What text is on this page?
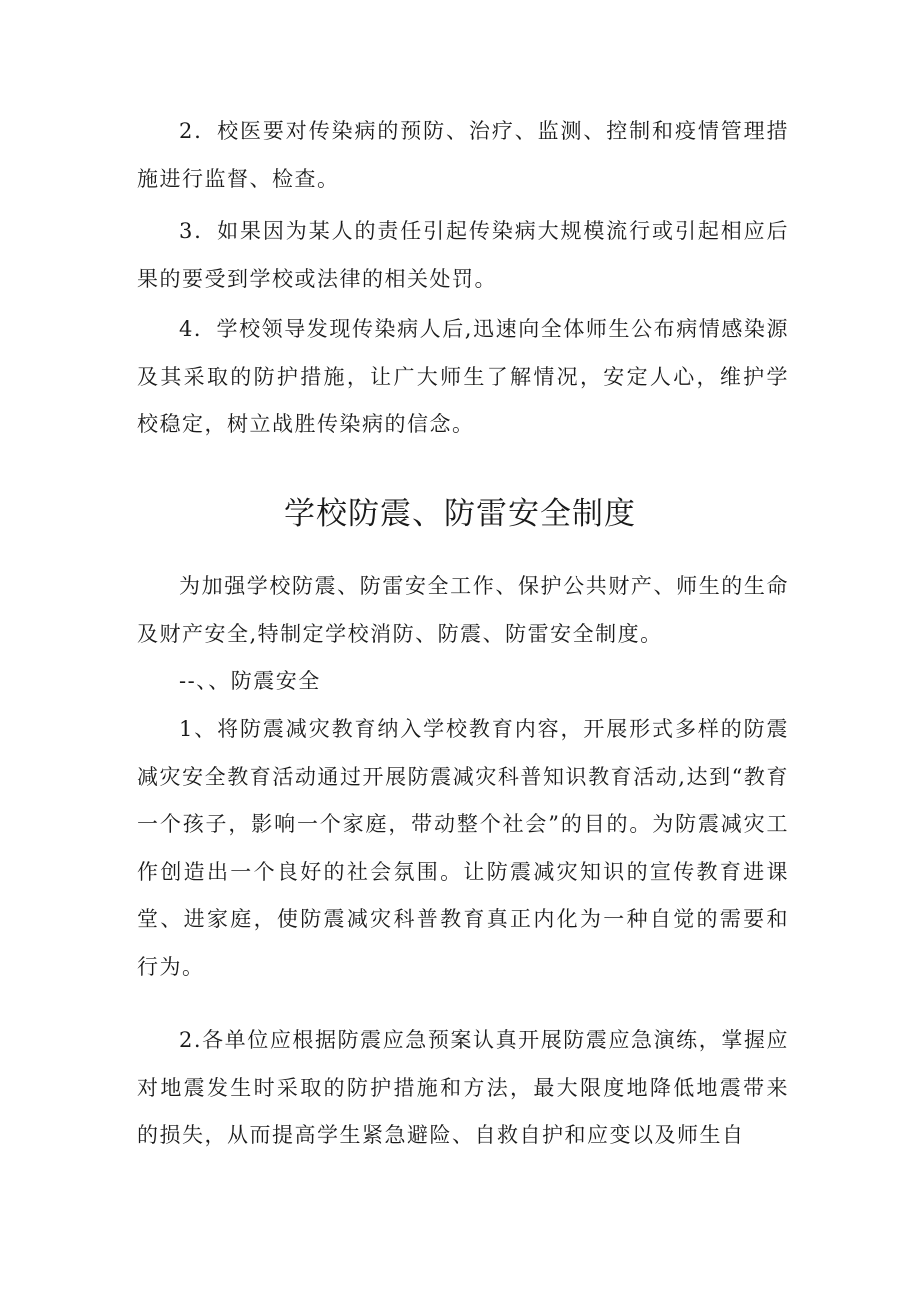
2．校医要对传染病的预防、治疗、监测、控制和疫情管理措施进行监督、检查。

3．如果因为某人的责任引起传染病大规模流行或引起相应后果的要受到学校或法律的相关处罚。

4．学校领导发现传染病人后,迅速向全体师生公布病情感染源及其采取的防护措施，让广大师生了解情况，安定人心，维护学校稳定，树立战胜传染病的信念。

学校防震、防雷安全制度

为加强学校防震、防雷安全工作、保护公共财产、师生的生命及财产安全,特制定学校消防、防震、防雷安全制度。

--、、防震安全

1、将防震减灾教育纳入学校教育内容，开展形式多样的防震减灾安全教育活动通过开展防震减灾科普知识教育活动,达到“教育一个孩子，影响一个家庭，带动整个社会”的目的。为防震减灾工作创造出一个良好的社会氛围。让防震减灾知识的宣传教育进课堂、进家庭，使防震减灾科普教育真正内化为一种自觉的需要和行为。

2.各单位应根据防震应急预案认真开展防震应急演练，掌握应对地震发生时采取的防护措施和方法，最大限度地降低地震带来的损失，从而提高学生紧急避险、自救自护和应变以及师生自
